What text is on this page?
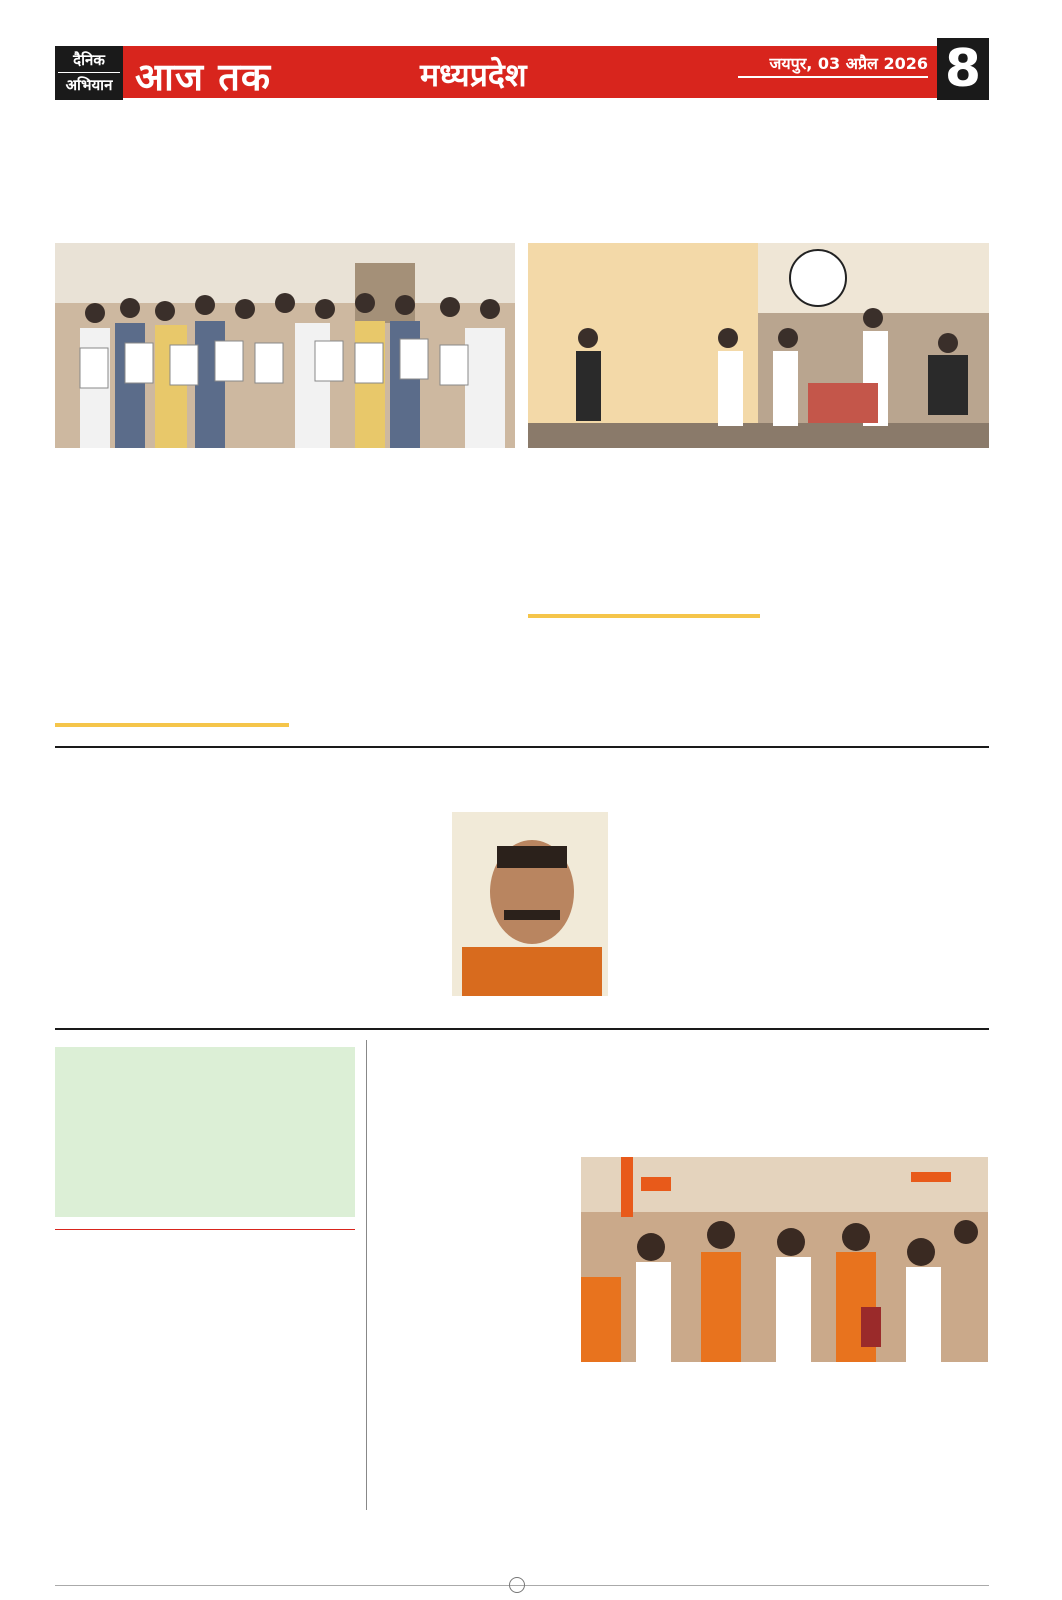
दैनिक
अभियान आज तक	मध्यप्रदेश	जयपुर, 03 अप्रैल 2026 8
